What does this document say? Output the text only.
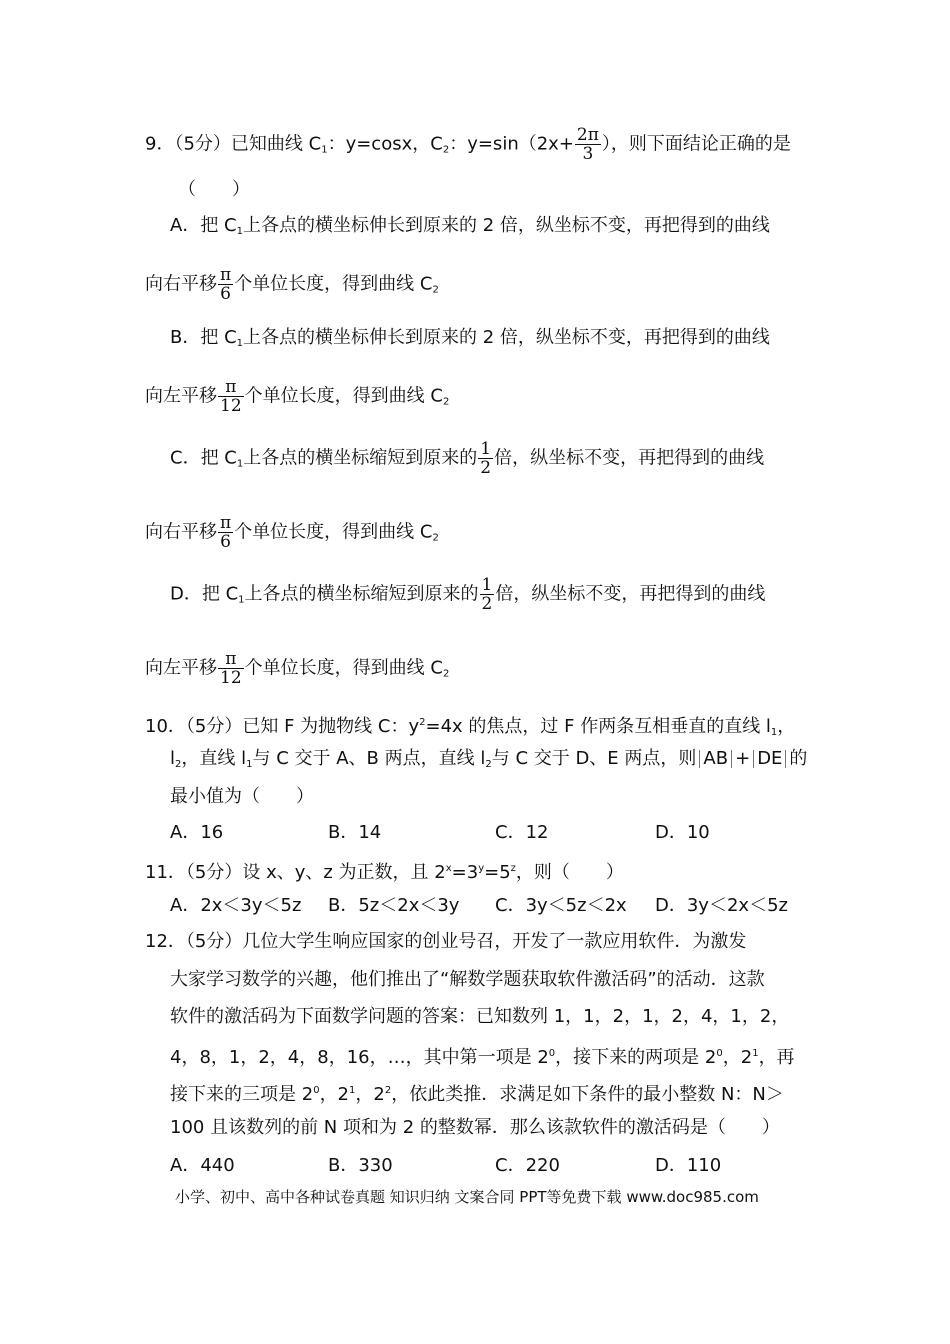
9．（5分）已知曲线 $C_1$：y=cosx，$C_2$：$y=\sin(2x+ \frac{2\pi}{3}$ ），则下面结论正确的是
（　　）
A．把 $C_1$上各点的横坐标伸长到原来的 2 倍，纵坐标不变，再把得到的曲线
向右平移 $\frac{\pi}{6}$ 个单位长度，得到曲线 $C_2$
B．把 $C_1$上各点的横坐标伸长到原来的 2 倍，纵坐标不变，再把得到的曲线
向左平移 $\frac{\pi}{12}$ 个单位长度，得到曲线 $C_2$
C．把 $C_1$上各点的横坐标缩短到原来的 $\frac{1}{2}$ 倍，纵坐标不变，再把得到的曲线
向右平移 $\frac{\pi}{6}$ 个单位长度，得到曲线 $C_2$
D．把 $C_1$上各点的横坐标缩短到原来的 $\frac{1}{2}$ 倍，纵坐标不变，再把得到的曲线
向左平移 $\frac{\pi}{12}$ 个单位长度，得到曲线 $C_2$
10．（5分）已知 F 为抛物线 C：$y^2=4x$ 的焦点，过 F 作两条互相垂直的直线 $l_1$，
$l_2$，直线 $l_1$与 C 交于 A、B 两点，直线 $l_2$与 C 交于 D、E 两点，则 AB + DE 的
最小值为（　　）
A．16	B．14	C．12	D．10
11．（5分）设 x、y、z 为正数，且 $2^x=3^y=5^z$，则（　　）
A．2x＜3y＜5z B．5z＜2x＜3y C．3y＜5z＜2x D．3y＜2x＜5z
12．（5分）几位大学生响应国家的创业号召，开发了一款应用软件．为激发
大家学习数学的兴趣，他们推出了“解数学题获取软件激活码”的活动．这款
软件的激活码为下面数学问题的答案：已知数列 1，1，2，1，2，4，1，2，
4，8，1，2，4，8，16，…，其中第一项是 $2^0$，接下来的两项是 $2^0$，$2^1$，再
接下来的三项是 $2^0$，$2^1$，$2^2$，依此类推．求满足如下条件的最小整数 N：N＞
100 且该数列的前 N 项和为 2 的整数幂．那么该款软件的激活码是（　　）
A．440	B．330	C．220	D．110
小学、初中、高中各种试卷真题 知识归纳 文案合同 PPT等免费下载 www.doc985.com
